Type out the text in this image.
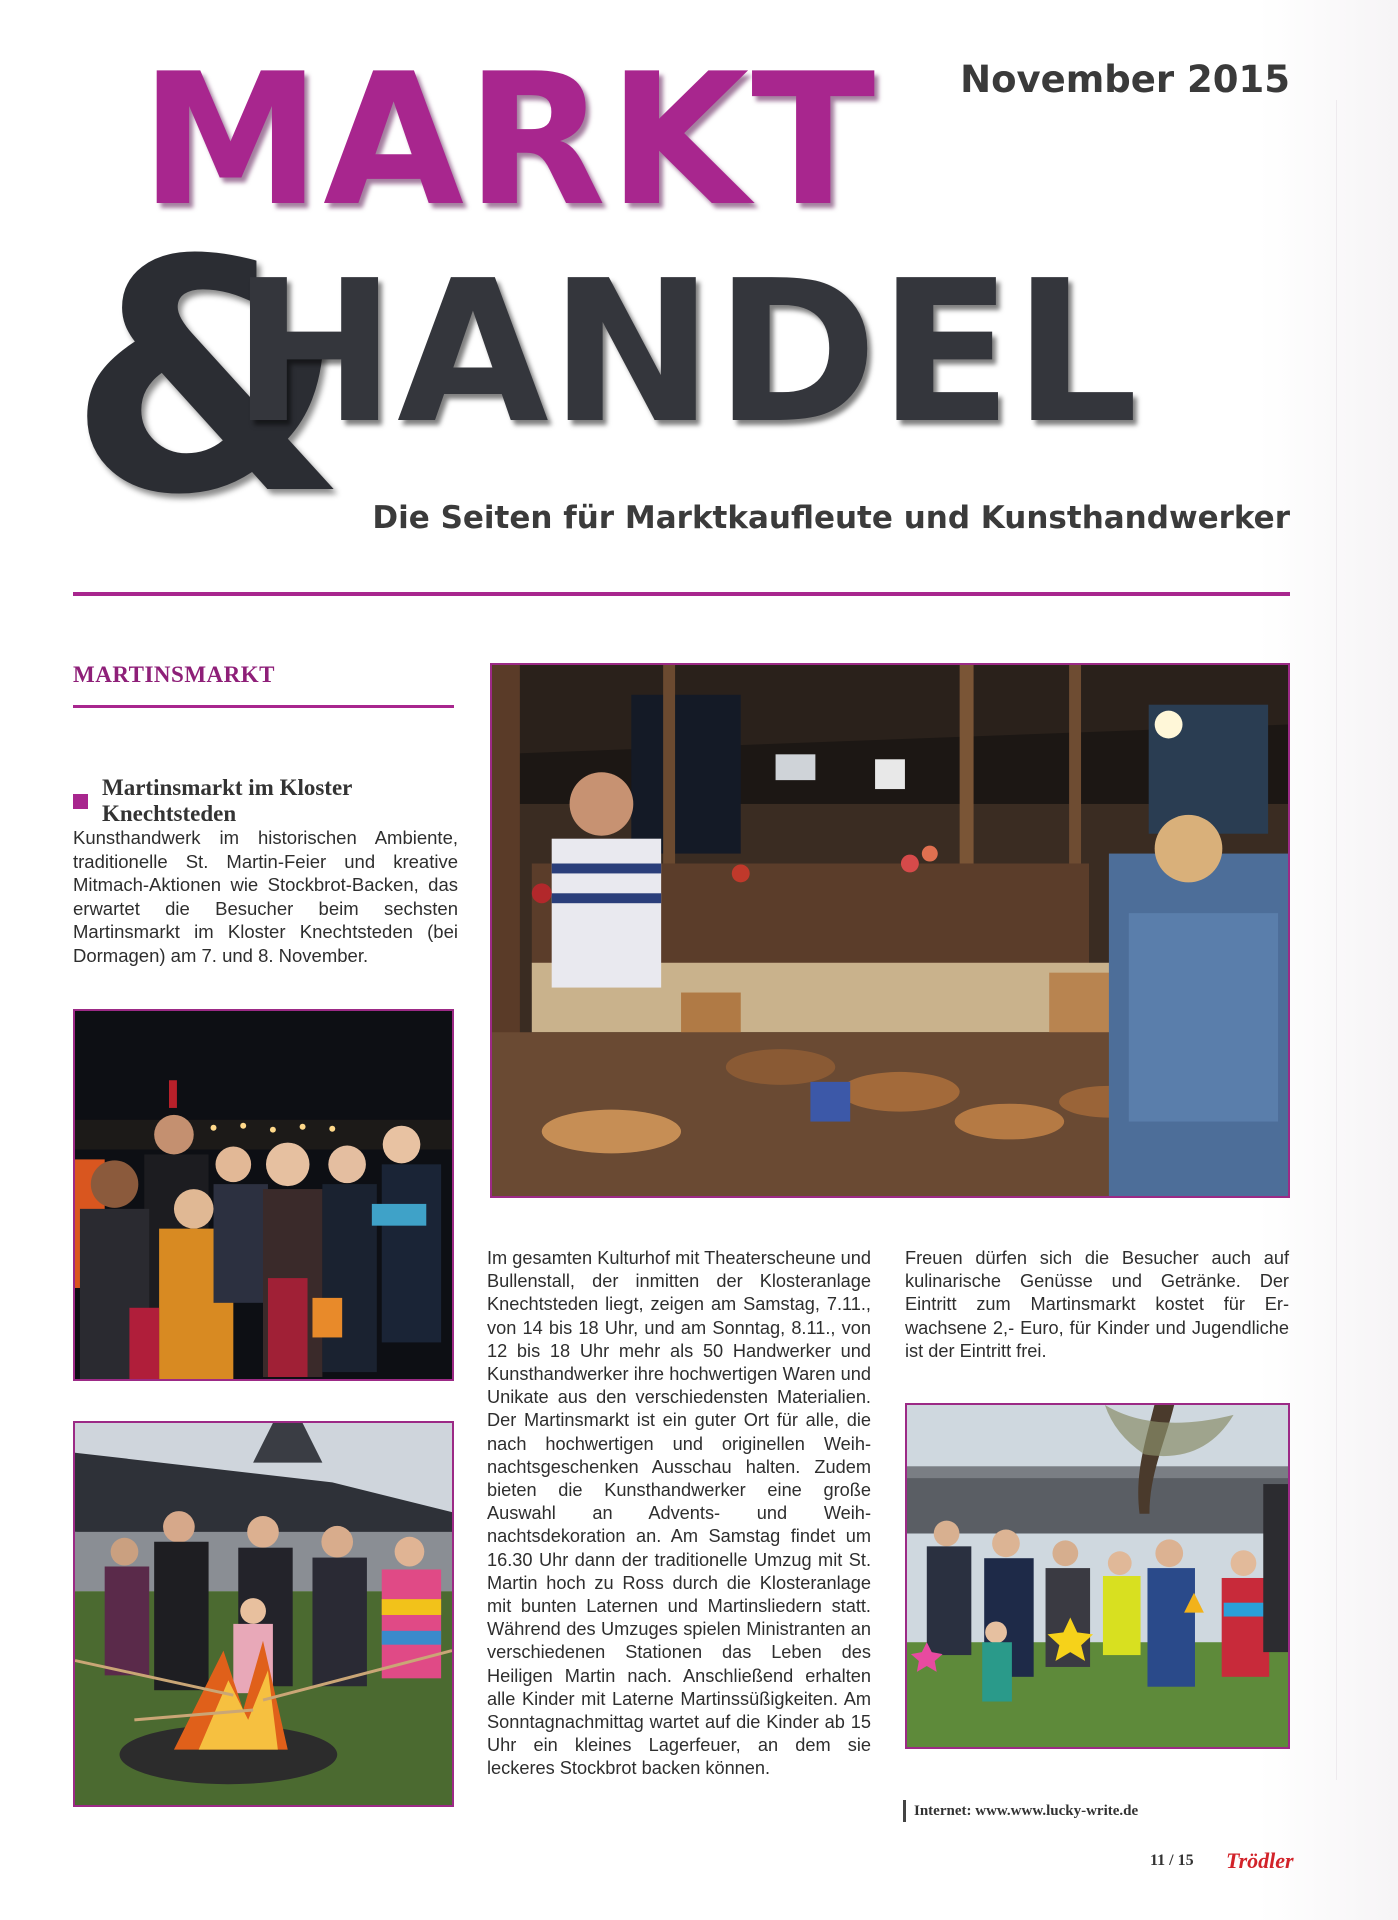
November 2015
MARKT
&
HANDEL
Die Seiten für Marktkaufleute und Kunsthandwerker
MARTINSMARKT
Martinsmarkt im Kloster Knechtsteden
Kunsthandwerk im historischen Ambiente, traditionelle St. Martin-Feier und kreative Mitmach-Aktionen wie Stockbrot-Backen, das erwartet die Besucher beim sechsten Martinsmarkt im Kloster Knechtsteden (bei Dormagen) am 7. und 8. November.
Im gesamten Kulturhof mit Theaterscheune und Bullenstall, der inmitten der Klosteranlage Knechtsteden liegt, zeigen am Samstag, 7.11., von 14 bis 18 Uhr, und am Sonntag, 8.11., von 12 bis 18 Uhr mehr als 50 Handwerker und Kunsthandwerker ihre hochwertigen Waren und Unikate aus den verschiedensten Materialien. Der Martinsmarkt ist ein guter Ort für alle, die nach hochwertigen und originellen Weihnachtsgeschenken Ausschau halten. Zudem bieten die Kunsthandwerker eine große Auswahl an Advents- und Weihnachtsdekoration an. Am Samstag findet um 16.30 Uhr dann der traditionelle Umzug mit St. Martin hoch zu Ross durch die Klosteranlage mit bunten Laternen und Martinsliedern statt. Während des Umzuges spielen Ministranten an verschiedenen Stationen das Leben des Heiligen Martin nach. Anschließend erhalten alle Kinder mit Laterne Martinssüßigkeiten. Am Sonntagnachmittag wartet auf die Kinder ab 15 Uhr ein kleines Lagerfeuer, an dem sie leckeres Stockbrot backen können.
Freuen dürfen sich die Besucher auch auf kulinarische Genüsse und Getränke. Der Eintritt zum Martinsmarkt kostet für Erwachsene 2,- Euro, für Kinder und Jugendliche ist der Eintritt frei.
Internet: www.www.lucky-write.de
11 / 15 Trödler
